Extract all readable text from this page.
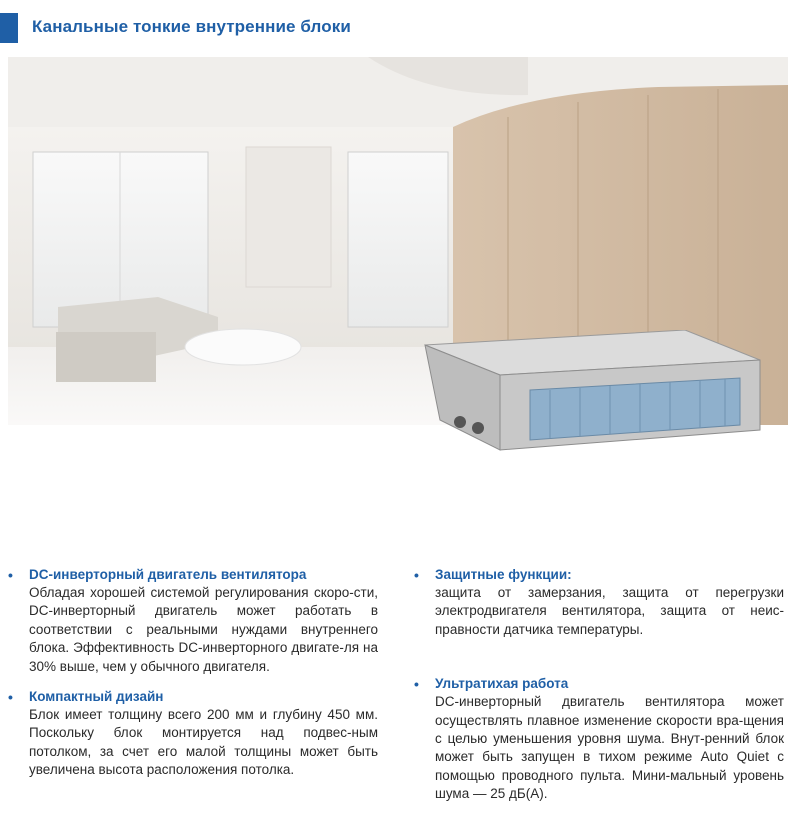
Канальные тонкие внутренние блоки
• DC-инверторный двигатель вентилятора
Обладая хорошей системой регулирования скоро-сти, DC-инверторный двигатель может работать в соответствии с реальными нуждами внутреннего блока. Эффективность DC-инверторного двигате-ля на 30% выше, чем у обычного двигателя.
• Компактный дизайн
Блок имеет толщину всего 200 мм и глубину 450 мм. Поскольку блок монтируется над подвес-ным потолком, за счет его малой толщины может быть увеличена высота расположения потолка.
• Защитные функции:
защита от замерзания, защита от перегрузки электродвигателя вентилятора, защита от неис-правности датчика температуры.
• Ультратихая работа
DC-инверторный двигатель вентилятора может осуществлять плавное изменение скорости вра-щения с целью уменьшения уровня шума. Внут-ренний блок может быть запущен в тихом режиме Auto Quiet с помощью проводного пульта. Мини-мальный уровень шума — 25 дБ(А).
